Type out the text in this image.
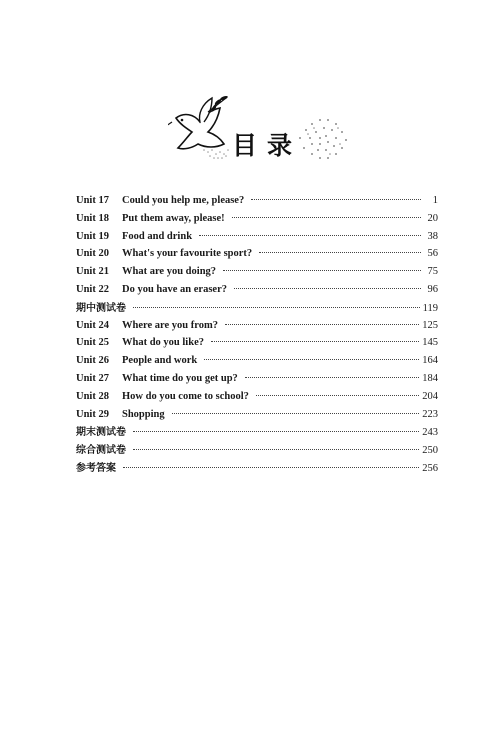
目录
Unit 17	Could you help me, please?	1
Unit 18	Put them away, please!	20
Unit 19	Food and drink	38
Unit 20	What's your favourite sport?	56
Unit 21	What are you doing?	75
Unit 22	Do you have an eraser?	96
期中测试卷	119
Unit 24	Where are you from?	125
Unit 25	What do you like?	145
Unit 26	People and work	164
Unit 27	What time do you get up?	184
Unit 28	How do you come to school?	204
Unit 29	Shopping	223
期末测试卷	243
综合测试卷	250
参考答案	256
